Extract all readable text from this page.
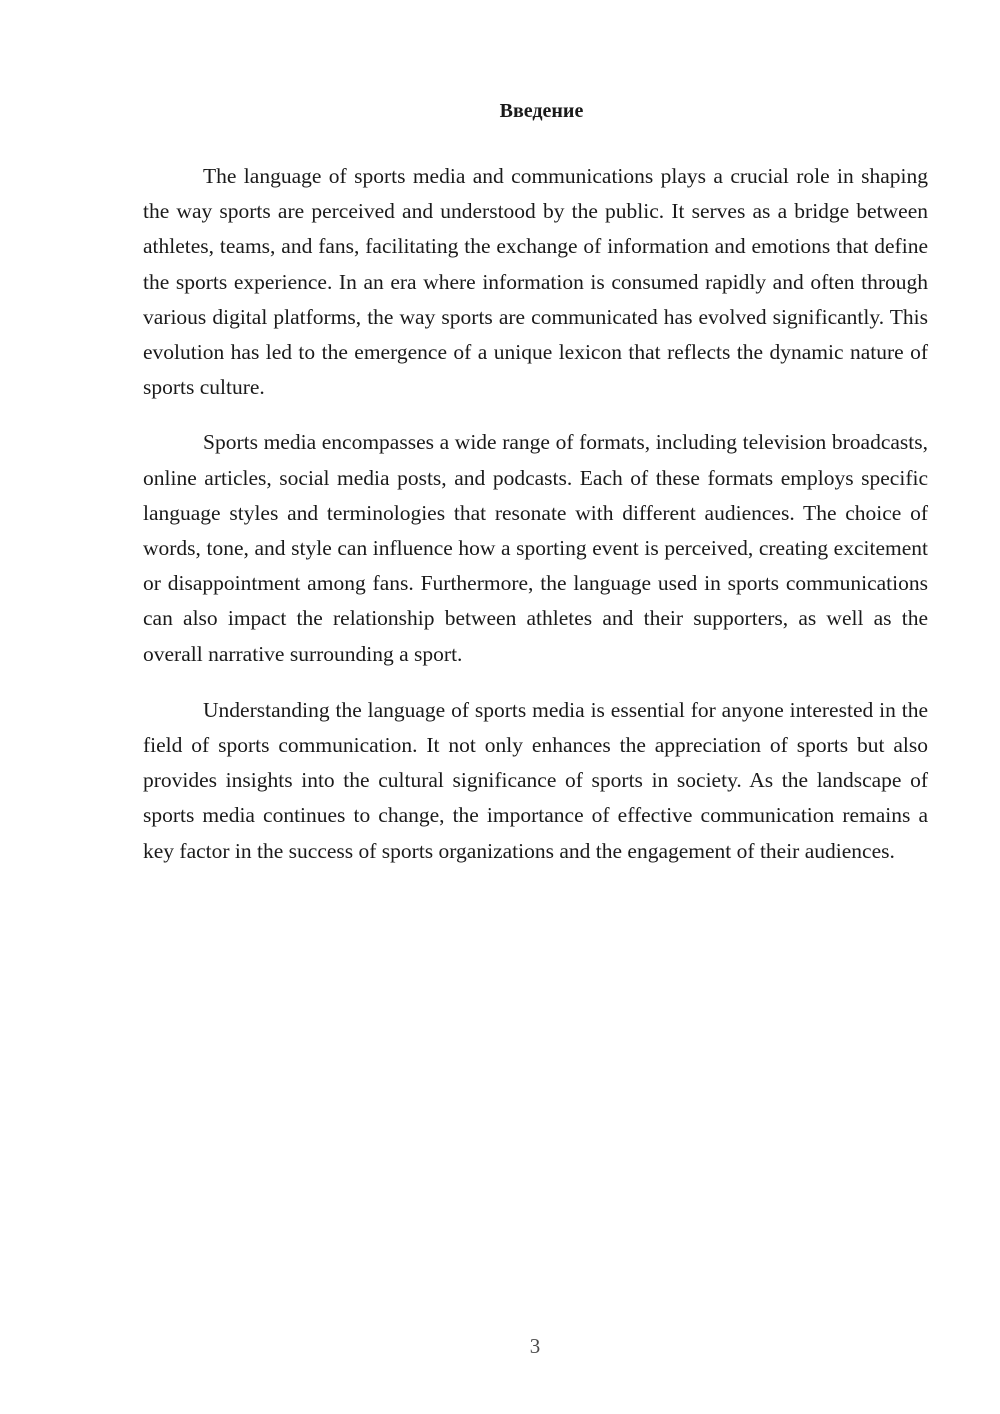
Введение

The language of sports media and communications plays a crucial role in shaping the way sports are perceived and understood by the public. It serves as a bridge between athletes, teams, and fans, facilitating the exchange of information and emotions that define the sports experience. In an era where information is consumed rapidly and often through various digital platforms, the way sports are communicated has evolved significantly. This evolution has led to the emergence of a unique lexicon that reflects the dynamic nature of sports culture.

Sports media encompasses a wide range of formats, including television broadcasts, online articles, social media posts, and podcasts. Each of these formats employs specific language styles and terminologies that resonate with different audiences. The choice of words, tone, and style can influence how a sporting event is perceived, creating excitement or disappointment among fans. Furthermore, the language used in sports communications can also impact the relationship between athletes and their supporters, as well as the overall narrative surrounding a sport.

Understanding the language of sports media is essential for anyone interested in the field of sports communication. It not only enhances the appreciation of sports but also provides insights into the cultural significance of sports in society. As the landscape of sports media continues to change, the importance of effective communication remains a key factor in the success of sports organizations and the engagement of their audiences.

3
